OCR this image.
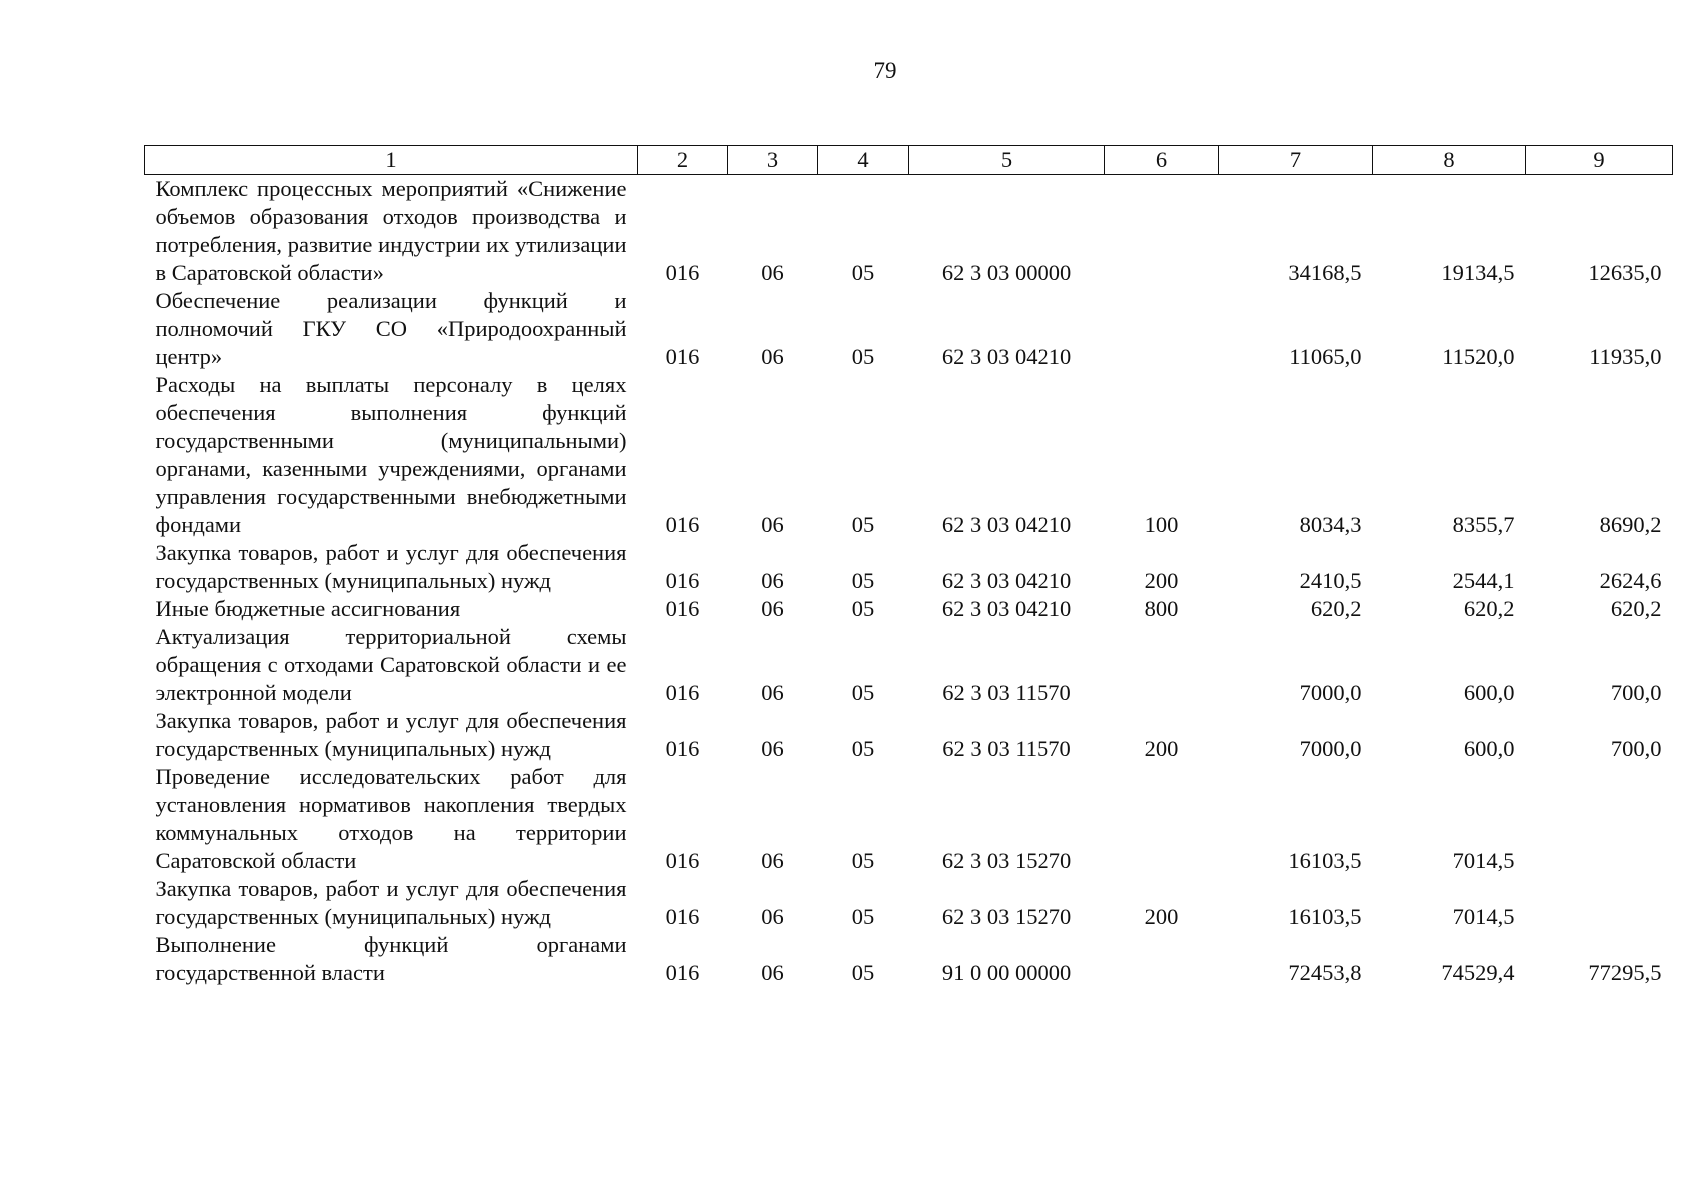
79
1	2	3	4	5	6	7	8	9
Комплекс процессных мероприятий «Снижение объемов образования отходов производства и потребления, развитие индустрии их утилизации в Саратовской области»	016	06	05	62 3 03 00000		34168,5	19134,5	12635,0
Обеспечение реализации функций и полномочий ГКУ СО «Природоохранный центр»	016	06	05	62 3 03 04210		11065,0	11520,0	11935,0
Расходы на выплаты персоналу в целях обеспечения выполнения функций государственными (муниципальными) органами, казенными учреждениями, органами управления государственными внебюджетными фондами	016	06	05	62 3 03 04210	100	8034,3	8355,7	8690,2
Закупка товаров, работ и услуг для обеспечения государственных (муниципальных) нужд	016	06	05	62 3 03 04210	200	2410,5	2544,1	2624,6
Иные бюджетные ассигнования	016	06	05	62 3 03 04210	800	620,2	620,2	620,2
Актуализация территориальной схемы обращения с отходами Саратовской области и ее электронной модели	016	06	05	62 3 03 11570		7000,0	600,0	700,0
Закупка товаров, работ и услуг для обеспечения государственных (муниципальных) нужд	016	06	05	62 3 03 11570	200	7000,0	600,0	700,0
Проведение исследовательских работ для установления нормативов накопления твердых коммунальных отходов на территории Саратовской области	016	06	05	62 3 03 15270		16103,5	7014,5	
Закупка товаров, работ и услуг для обеспечения государственных (муниципальных) нужд	016	06	05	62 3 03 15270	200	16103,5	7014,5	
Выполнение функций органами государственной власти	016	06	05	91 0 00 00000		72453,8	74529,4	77295,5
